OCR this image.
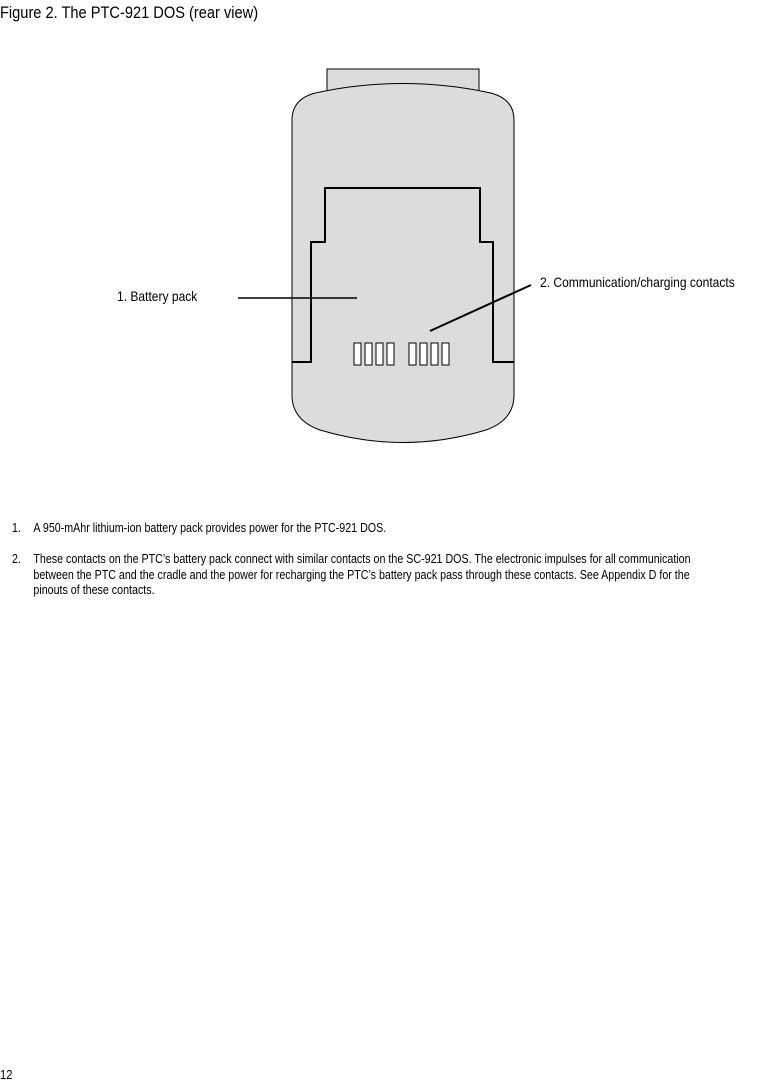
Figure 2. The PTC-921 DOS (rear view)
1. Battery pack
2. Communication/charging contacts
1. A 950-mAhr lithium-ion battery pack provides power for the PTC-921 DOS.
2. These contacts on the PTC’s battery pack connect with similar contacts on the SC-921 DOS. The electronic impulses for all communication
between the PTC and the cradle and the power for recharging the PTC’s battery pack pass through these contacts. See Appendix D for the
pinouts of these contacts.
12
